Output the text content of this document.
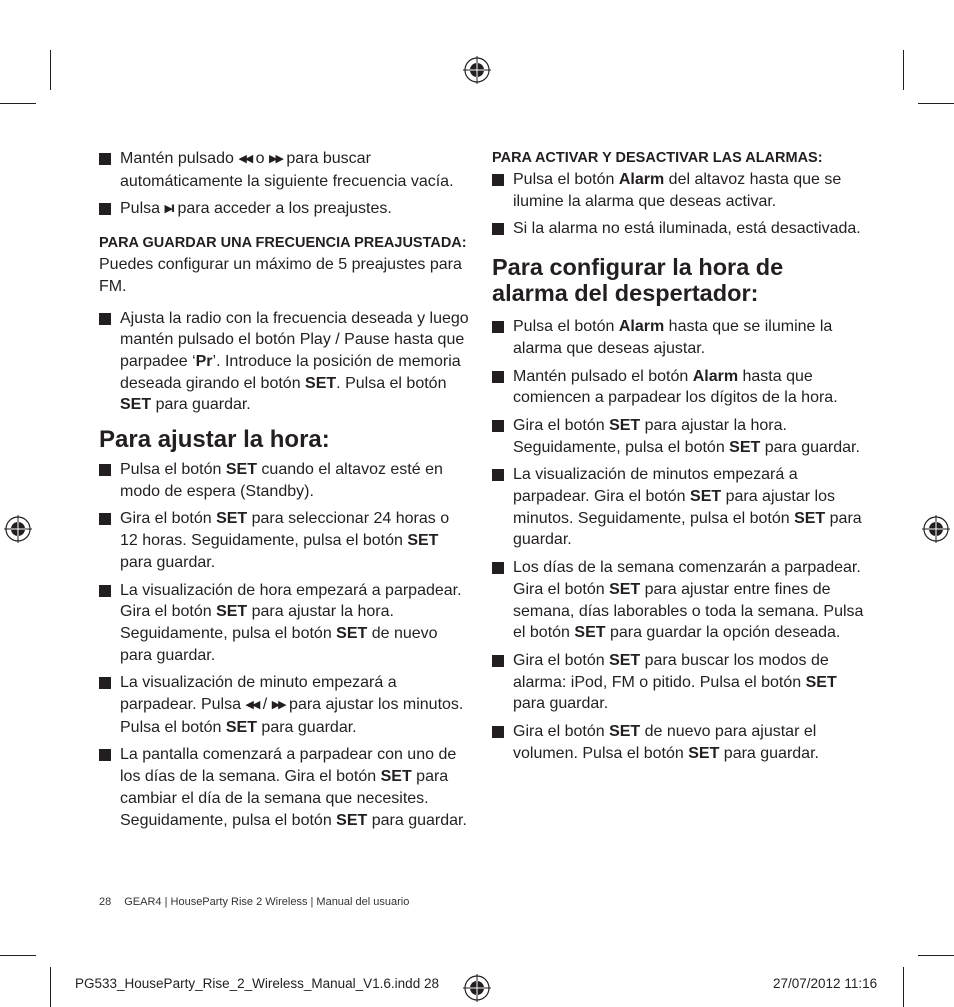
Mantén pulsado ◀◀ o ▶▶ para buscar automáticamente la siguiente frecuencia vacía.
Pulsa ▶II para acceder a los preajustes.

PARA GUARDAR UNA FRECUENCIA PREAJUSTADA:

Puedes configurar un máximo de 5 preajustes para FM.

Ajusta la radio con la frecuencia deseada y luego mantén pulsado el botón Play / Pause hasta que parpadee ‘Pr’. Introduce la posición de memoria deseada girando el botón SET. Pulsa el botón SET para guardar.
Para ajustar la hora:
Pulsa el botón SET cuando el altavoz esté en modo de espera (Standby).
Gira el botón SET para seleccionar 24 horas o 12 horas. Seguidamente, pulsa el botón SET para guardar.
La visualización de hora empezará a parpadear. Gira el botón SET para ajustar la hora. Seguidamente, pulsa el botón SET de nuevo para guardar.
La visualización de minuto empezará a parpadear. Pulsa ◀◀ / ▶▶ para ajustar los minutos. Pulsa el botón SET para guardar.
La pantalla comenzará a parpadear con uno de los días de la semana. Gira el botón SET para cambiar el día de la semana que necesites. Seguidamente, pulsa el botón SET para guardar.

PARA ACTIVAR Y DESACTIVAR LAS ALARMAS:

Pulsa el botón Alarm del altavoz hasta que se ilumine la alarma que deseas activar.
Si la alarma no está iluminada, está desactivada.
Para configurar la hora de alarma del despertador:
Pulsa el botón Alarm hasta que se ilumine la alarma que deseas ajustar.
Mantén pulsado el botón Alarm hasta que comiencen a parpadear los dígitos de la hora.
Gira el botón SET para ajustar la hora. Seguidamente, pulsa el botón SET para guardar.
La visualización de minutos empezará a parpadear. Gira el botón SET para ajustar los minutos. Seguidamente, pulsa el botón SET para guardar.
Los días de la semana comenzarán a parpadear. Gira el botón SET para ajustar entre fines de semana, días laborables o toda la semana. Pulsa el botón SET para guardar la opción deseada.
Gira el botón SET para buscar los modos de alarma: iPod, FM o pitido. Pulsa el botón SET para guardar.
Gira el botón SET de nuevo para ajustar el volumen. Pulsa el botón SET para guardar.
28 GEAR4 | HouseParty Rise 2 Wireless | Manual del usuario
PG533_HouseParty_Rise_2_Wireless_Manual_V1.6.indd 28	27/07/2012 11:16
